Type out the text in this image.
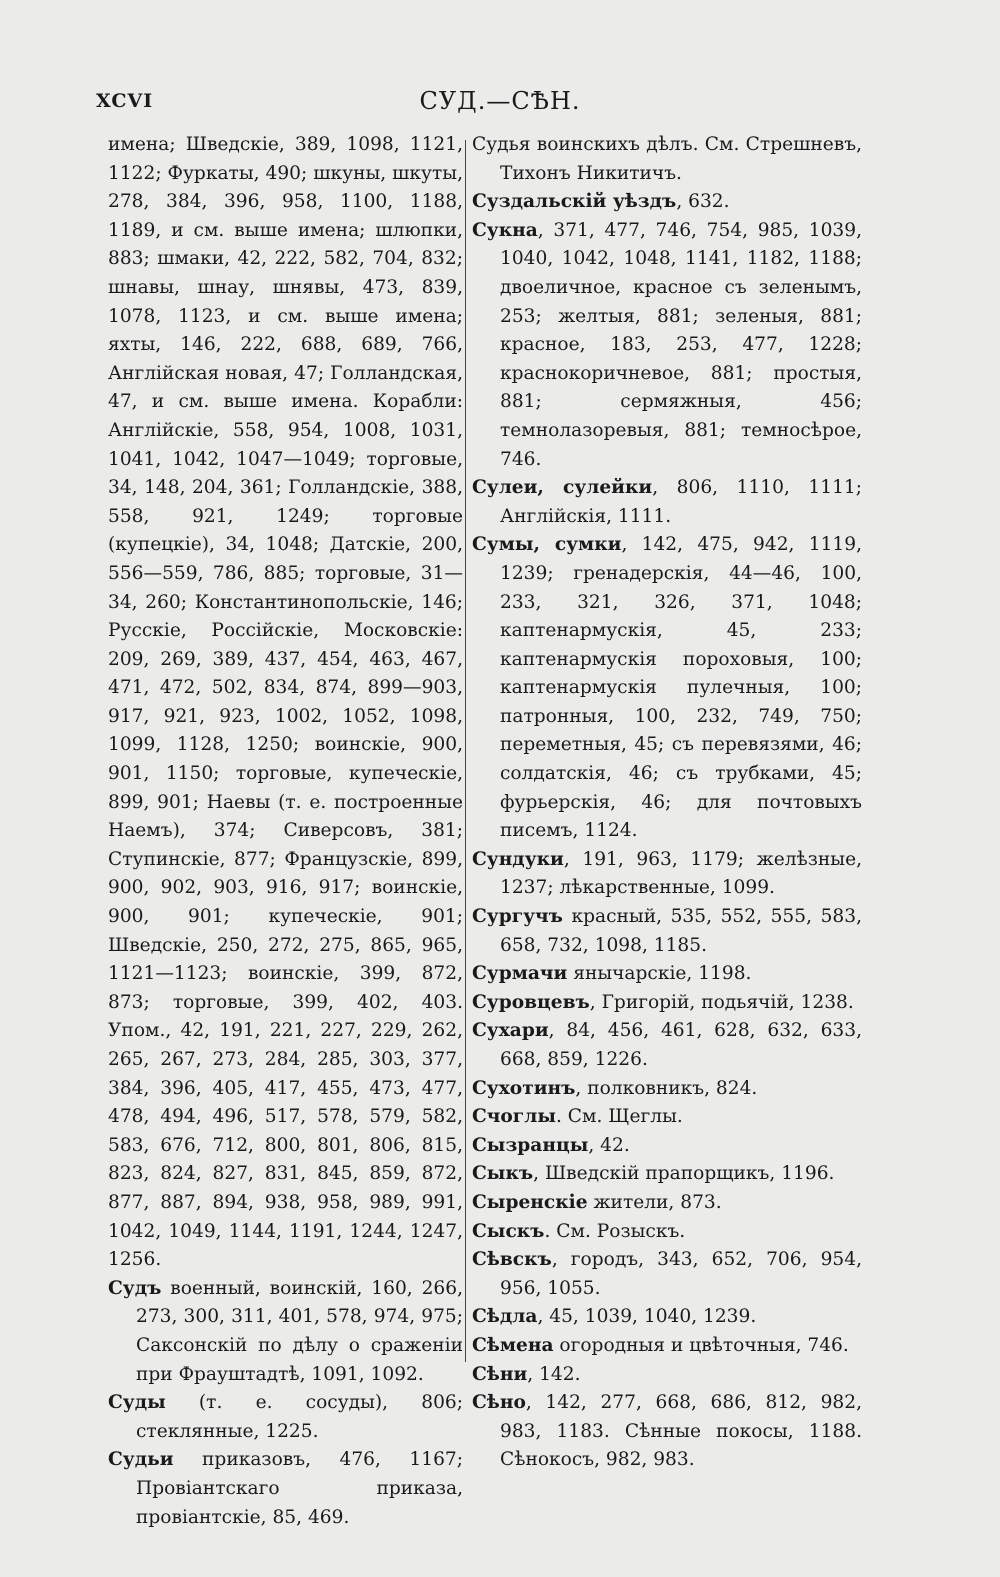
XCVI	СУД.—СѢН.

имена; Шведскіе, 389, 1098, 1121, 1122; Фуркаты, 490; шкуны, шкуты, 278, 384, 396, 958, 1100, 1188, 1189, и см. выше имена; шлюпки, 883; шмаки, 42, 222, 582, 704, 832; шнавы, шнау, шнявы, 473, 839, 1078, 1123, и см. выше имена; яхты, 146, 222, 688, 689, 766, Англійская новая, 47; Голландская, 47, и см. выше имена. Корабли: Англійскіе, 558, 954, 1008, 1031, 1041, 1042, 1047—1049; торговые, 34, 148, 204, 361; Голландскіе, 388, 558, 921, 1249; торговые (купецкіе), 34, 1048; Датскіе, 200, 556—559, 786, 885; торговые, 31—34, 260; Константинопольскіе, 146; Русскіе, Россійскіе, Московскіе: 209, 269, 389, 437, 454, 463, 467, 471, 472, 502, 834, 874, 899—903, 917, 921, 923, 1002, 1052, 1098, 1099, 1128, 1250; воинскіе, 900, 901, 1150; торговые, купеческіе, 899, 901; Наевы (т. е. построенные Наемъ), 374; Сиверсовъ, 381; Ступинскіе, 877; Французскіе, 899, 900, 902, 903, 916, 917; воинскіе, 900, 901; купеческіе, 901; Шведскіе, 250, 272, 275, 865, 965, 1121—1123; воинскіе, 399, 872, 873; торговые, 399, 402, 403. Упом., 42, 191, 221, 227, 229, 262, 265, 267, 273, 284, 285, 303, 377, 384, 396, 405, 417, 455, 473, 477, 478, 494, 496, 517, 578, 579, 582, 583, 676, 712, 800, 801, 806, 815, 823, 824, 827, 831, 845, 859, 872, 877, 887, 894, 938, 958, 989, 991, 1042, 1049, 1144, 1191, 1244, 1247, 1256.

Судъ военный, воинскій, 160, 266, 273, 300, 311, 401, 578, 974, 975; Саксонскій по дѣлу о сраженіи при Фрауштадтѣ, 1091, 1092.

Суды (т. е. сосуды), 806; стеклянные, 1225.

Судьи приказовъ, 476, 1167; Провіантскаго приказа, провіантскіе, 85, 469.

Судья воинскихъ дѣлъ. См. Стрешневъ, Тихонъ Никитичъ.

Суздальскій уѣздъ, 632.

Сукна, 371, 477, 746, 754, 985, 1039, 1040, 1042, 1048, 1141, 1182, 1188; двоеличное, красное съ зеленымъ, 253; желтыя, 881; зеленыя, 881; красное, 183, 253, 477, 1228; краснокоричневое, 881; простыя, 881; сермяжныя, 456; темнолазоревыя, 881; темносѣрое, 746.

Сулеи, сулейки, 806, 1110, 1111; Англійскія, 1111.

Сумы, сумки, 142, 475, 942, 1119, 1239; гренадерскія, 44—46, 100, 233, 321, 326, 371, 1048; каптенармускія, 45, 233; каптенармускія пороховыя, 100; каптенармускія пулечныя, 100; патронныя, 100, 232, 749, 750; переметныя, 45; съ перевязями, 46; солдатскія, 46; съ трубками, 45; фурьерскія, 46; для почтовыхъ писемъ, 1124.

Сундуки, 191, 963, 1179; желѣзные, 1237; лѣкарственные, 1099.

Сургучъ красный, 535, 552, 555, 583, 658, 732, 1098, 1185.

Сурмачи янычарскіе, 1198.

Суровцевъ, Григорій, подьячій, 1238.

Сухари, 84, 456, 461, 628, 632, 633, 668, 859, 1226.

Сухотинъ, полковникъ, 824.

Счоглы. См. Щеглы.

Сызранцы, 42.

Сыкъ, Шведскій прапорщикъ, 1196.

Сыренскіе жители, 873.

Сыскъ. См. Розыскъ.

Сѣвскъ, городъ, 343, 652, 706, 954, 956, 1055.

Сѣдла, 45, 1039, 1040, 1239.

Сѣмена огородныя и цвѣточныя, 746.

Сѣни, 142.

Сѣно, 142, 277, 668, 686, 812, 982, 983, 1183. Сѣнные покосы, 1188. Сѣнокосъ, 982, 983.
